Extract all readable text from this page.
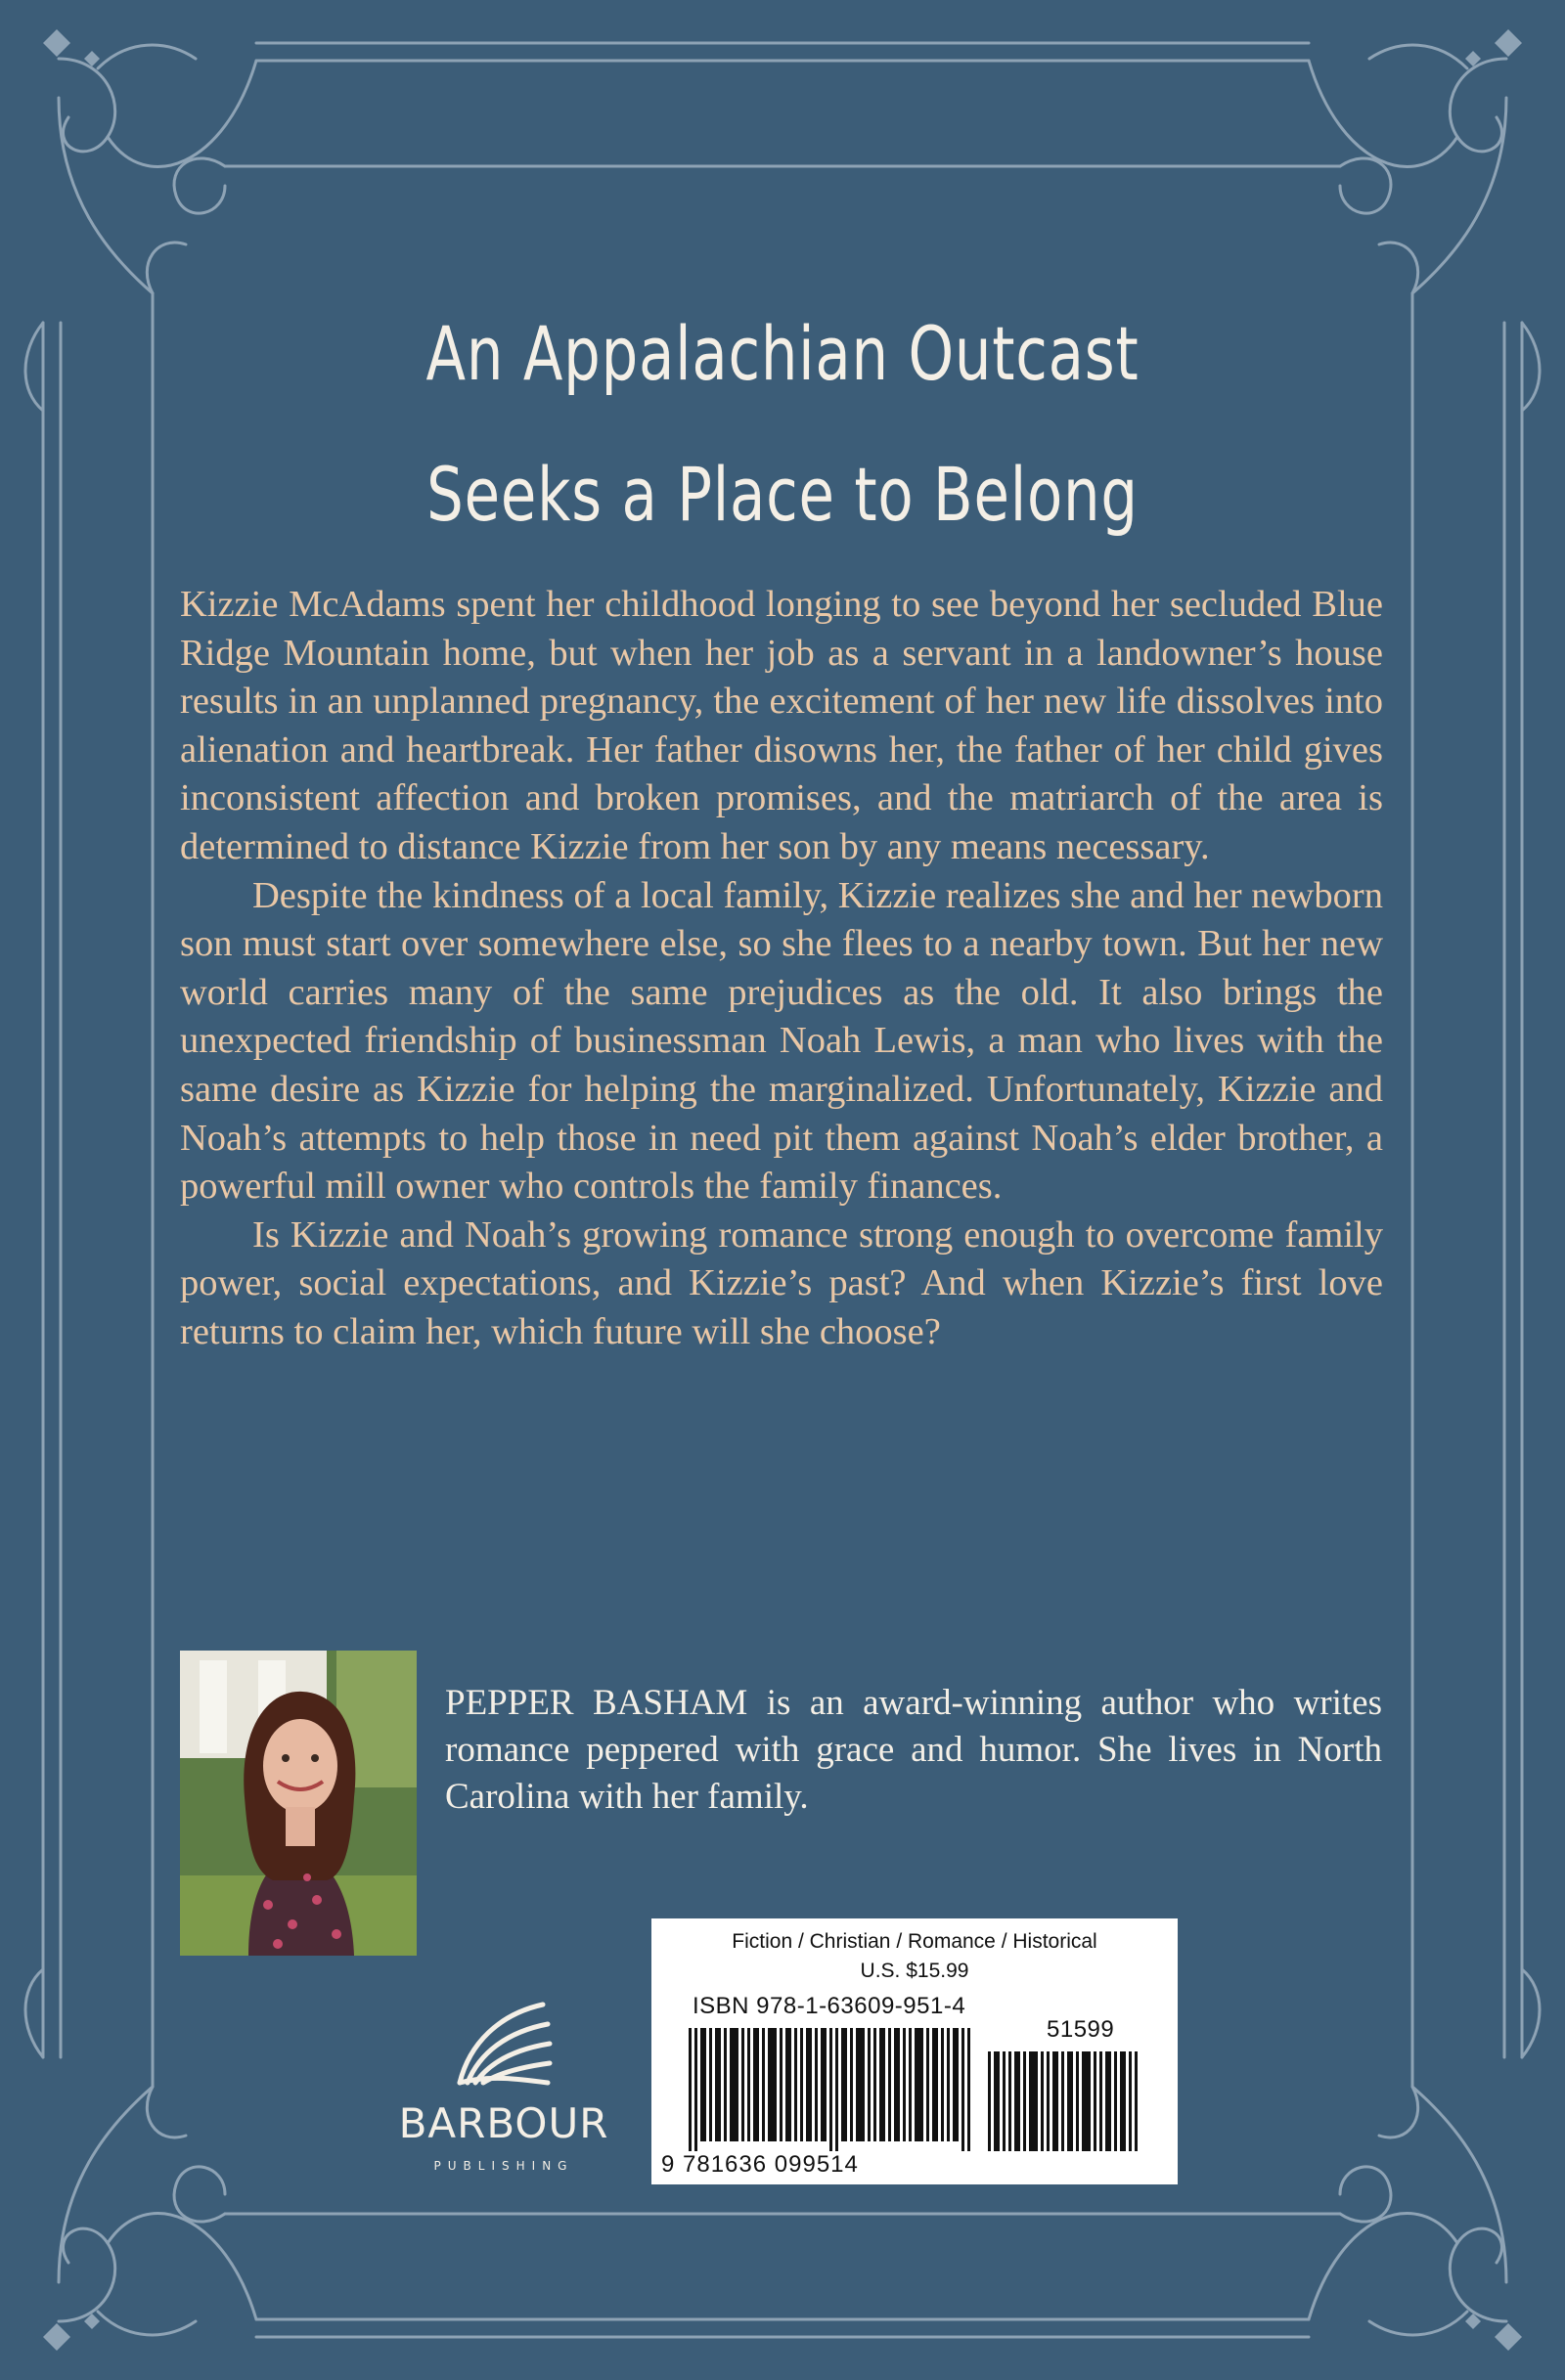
An Appalachian Outcast
Seeks a Place to Belong

Kizzie McAdams spent her childhood longing to see beyond her secluded Blue Ridge Mountain home, but when her job as a servant in a landowner’s house results in an unplanned pregnancy, the excitement of her new life dissolves into alienation and heartbreak. Her father disowns her, the father of her child gives inconsistent affection and broken promises, and the matriarch of the area is determined to distance Kizzie from her son by any means necessary.

Despite the kindness of a local family, Kizzie realizes she and her newborn son must start over somewhere else, so she flees to a nearby town. But her new world carries many of the same prejudices as the old. It also brings the unexpected friendship of businessman Noah Lewis, a man who lives with the same desire as Kizzie for helping the marginalized. Unfortunately, Kizzie and Noah’s attempts to help those in need pit them against Noah’s elder brother, a powerful mill owner who controls the family finances.

Is Kizzie and Noah’s growing romance strong enough to overcome family power, social expectations, and Kizzie’s past? And when Kizzie’s first love returns to claim her, which future will she choose?

PEPPER BASHAM is an award-winning author who writes romance peppered with grace and humor. She lives in North Carolina with her family.
BARBOUR
PUBLISHING
Fiction / Christian / Romance / Historical
U.S. $15.99
ISBN 978-1-63609-951-4
51599
9 781636 099514
